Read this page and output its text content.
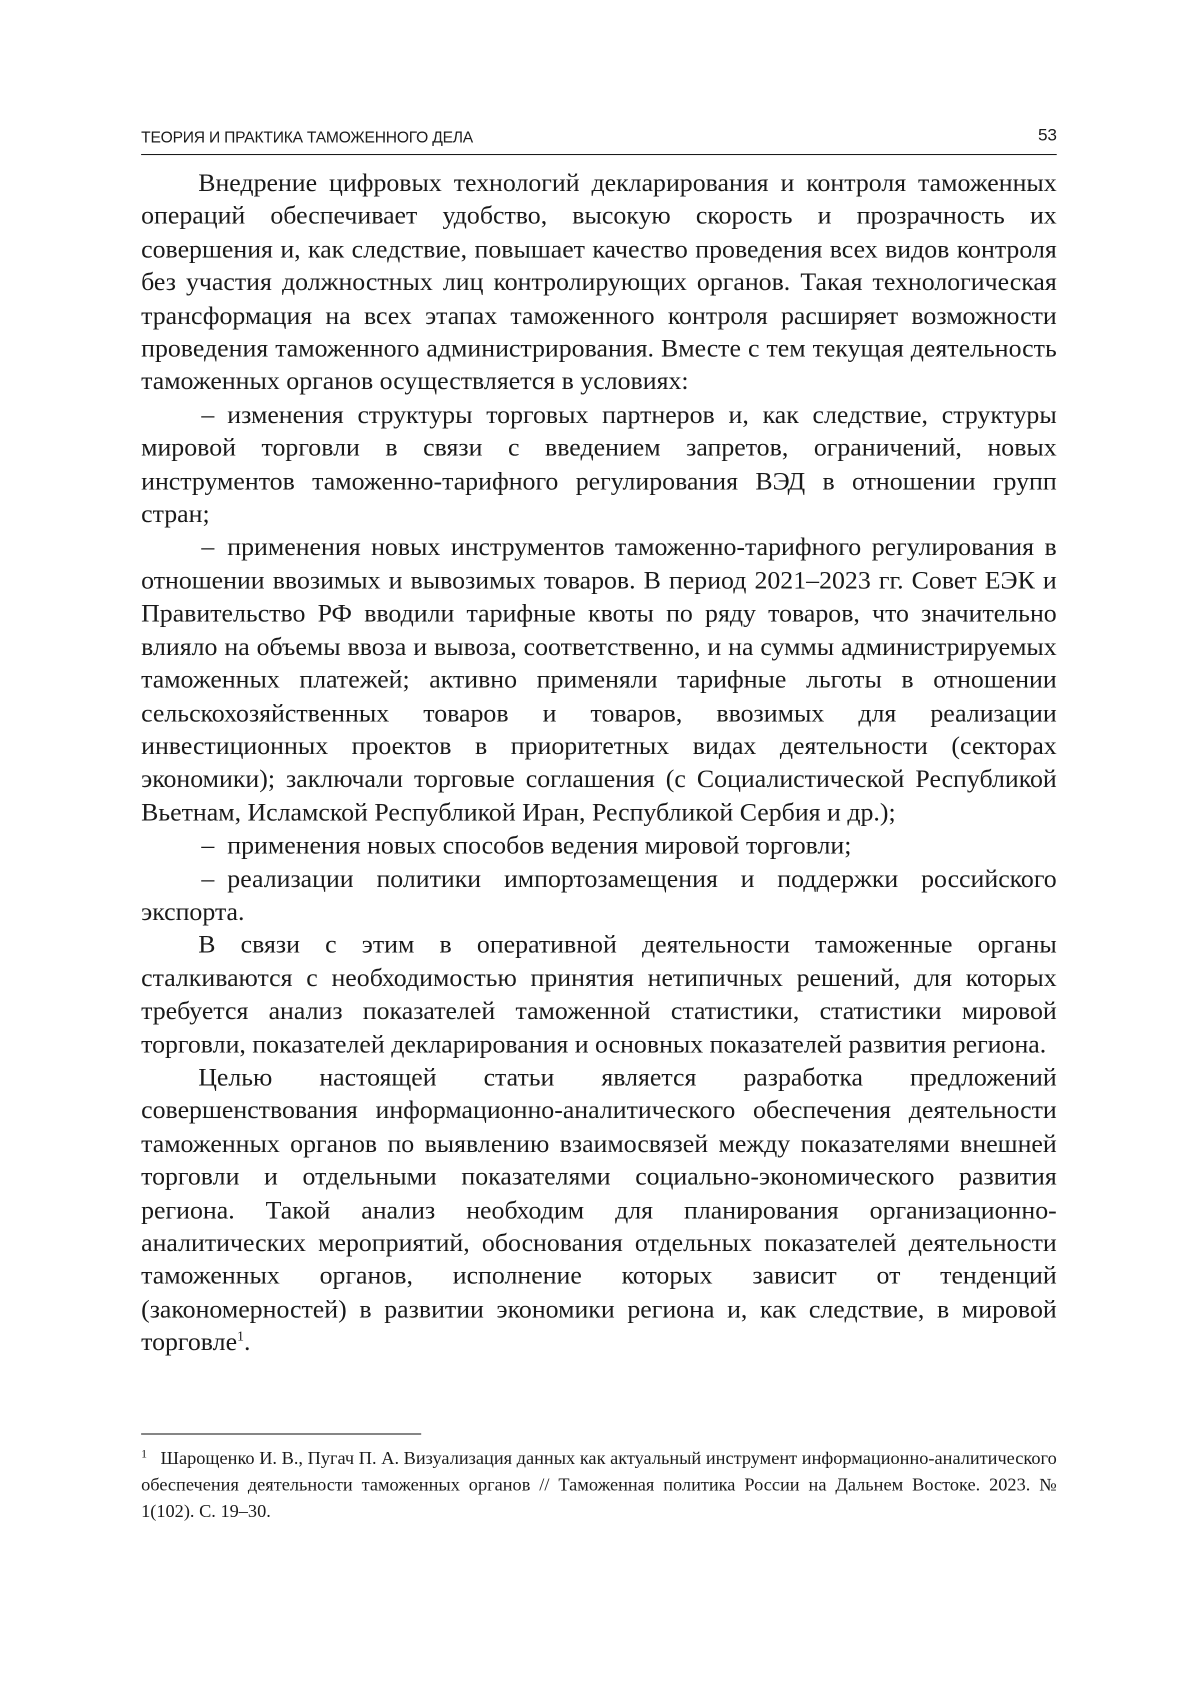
ТЕОРИЯ И ПРАКТИКА ТАМОЖЕННОГО ДЕЛА	53

Внедрение цифровых технологий декларирования и контроля таможенных операций обеспечивает удобство, высокую скорость и прозрачность их совершения и, как следствие, повышает качество проведения всех видов контроля без участия должностных лиц контролирующих органов. Такая технологическая трансформация на всех этапах таможенного контроля расширяет возможности проведения таможенного администрирования. Вместе с тем текущая деятельность таможенных органов осуществляется в условиях:

– изменения структуры торговых партнеров и, как следствие, структуры мировой торговли в связи с введением запретов, ограничений, новых инструментов таможенно-тарифного регулирования ВЭД в отношении групп стран;

– применения новых инструментов таможенно-тарифного регулирования в отношении ввозимых и вывозимых товаров. В период 2021–2023 гг. Совет ЕЭК и Правительство РФ вводили тарифные квоты по ряду товаров, что значительно влияло на объемы ввоза и вывоза, соответственно, и на суммы администрируемых таможенных платежей; активно применяли тарифные льготы в отношении сельскохозяйственных товаров и товаров, ввозимых для реализации инвестиционных проектов в приоритетных видах деятельности (секторах экономики); заключали торговые соглашения (с Социалистической Республикой Вьетнам, Исламской Республикой Иран, Республикой Сербия и др.);

– применения новых способов ведения мировой торговли;

– реализации политики импортозамещения и поддержки российского экспорта.

В связи с этим в оперативной деятельности таможенные органы сталкиваются с необходимостью принятия нетипичных решений, для которых требуется анализ показателей таможенной статистики, статистики мировой торговли, показателей декларирования и основных показателей развития региона.

Целью настоящей статьи является разработка предложений совершенствования информационно-аналитического обеспечения деятельности таможенных органов по выявлению взаимосвязей между показателями внешней торговли и отдельными показателями социально-экономического развития региона. Такой анализ необходим для планирования организационно-аналитических мероприятий, обоснования отдельных показателей деятельности таможенных органов, исполнение которых зависит от тенденций (закономерностей) в развитии экономики региона и, как следствие, в мировой торговле$^1$.

1 Шарощенко И. В., Пугач П. А. Визуализация данных как актуальный инструмент информационно-аналитического обеспечения деятельности таможенных органов // Таможенная политика России на Дальнем Востоке. 2023. № 1(102). С. 19–30.
